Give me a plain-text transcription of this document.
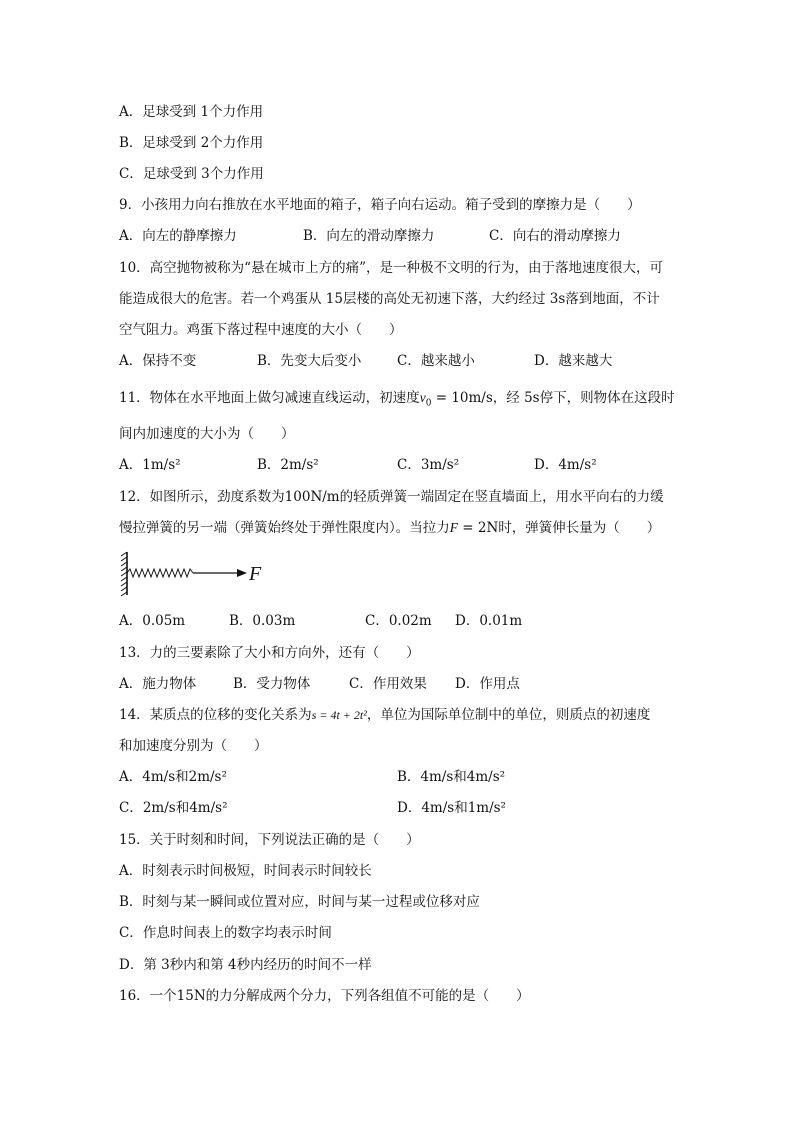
A．足球受到 1个力作用
B．足球受到 2个力作用
C．足球受到 3个力作用
9．小孩用力向右推放在水平地面的箱子，箱子向右运动。箱子受到的摩擦力是（　　）
A．向左的静摩擦力	B．向左的滑动摩擦力	C．向右的滑动摩擦力
10．高空抛物被称为“悬在城市上方的痛”，是一种极不文明的行为，由于落地速度很大，可
能造成很大的危害。若一个鸡蛋从 15层楼的高处无初速下落，大约经过 3s落到地面，不计
空气阻力。鸡蛋下落过程中速度的大小（　　）
A．保持不变	B．先变大后变小	C．越来越小	D．越来越大
11．物体在水平地面上做匀减速直线运动，初速度$v_0 = 10m/s$，经 5s停下，则物体在这段时
间内加速度的大小为（　　）
A．1m/s²	B．2m/s²	C．3m/s²	D．4m/s²
12．如图所示，劲度系数为100N/m的轻质弹簧一端固定在竖直墙面上，用水平向右的力缓
慢拉弹簧的另一端（弹簧始终处于弹性限度内）。当拉力F = 2N时，弹簧伸长量为（　　）
F
A．0.05m	B．0.03m	C．0.02m D．0.01m
13．力的三要素除了大小和方向外，还有（　　）
A．施力物体	B．受力物体	C．作用效果 D．作用点
14．某质点的位移的变化关系为s = 4t + 2t²，单位为国际单位制中的单位，则质点的初速度
和加速度分别为（　　）
A．4m/s和2m/s²	B．4m/s和4m/s²
C．2m/s和4m/s²	D．4m/s和1m/s²
15．关于时刻和时间，下列说法正确的是（　　）
A．时刻表示时间极短，时间表示时间较长
B．时刻与某一瞬间或位置对应，时间与某一过程或位移对应
C．作息时间表上的数字均表示时间
D．第 3秒内和第 4秒内经历的时间不一样
16．一个15N的力分解成两个分力，下列各组值不可能的是（　　）
